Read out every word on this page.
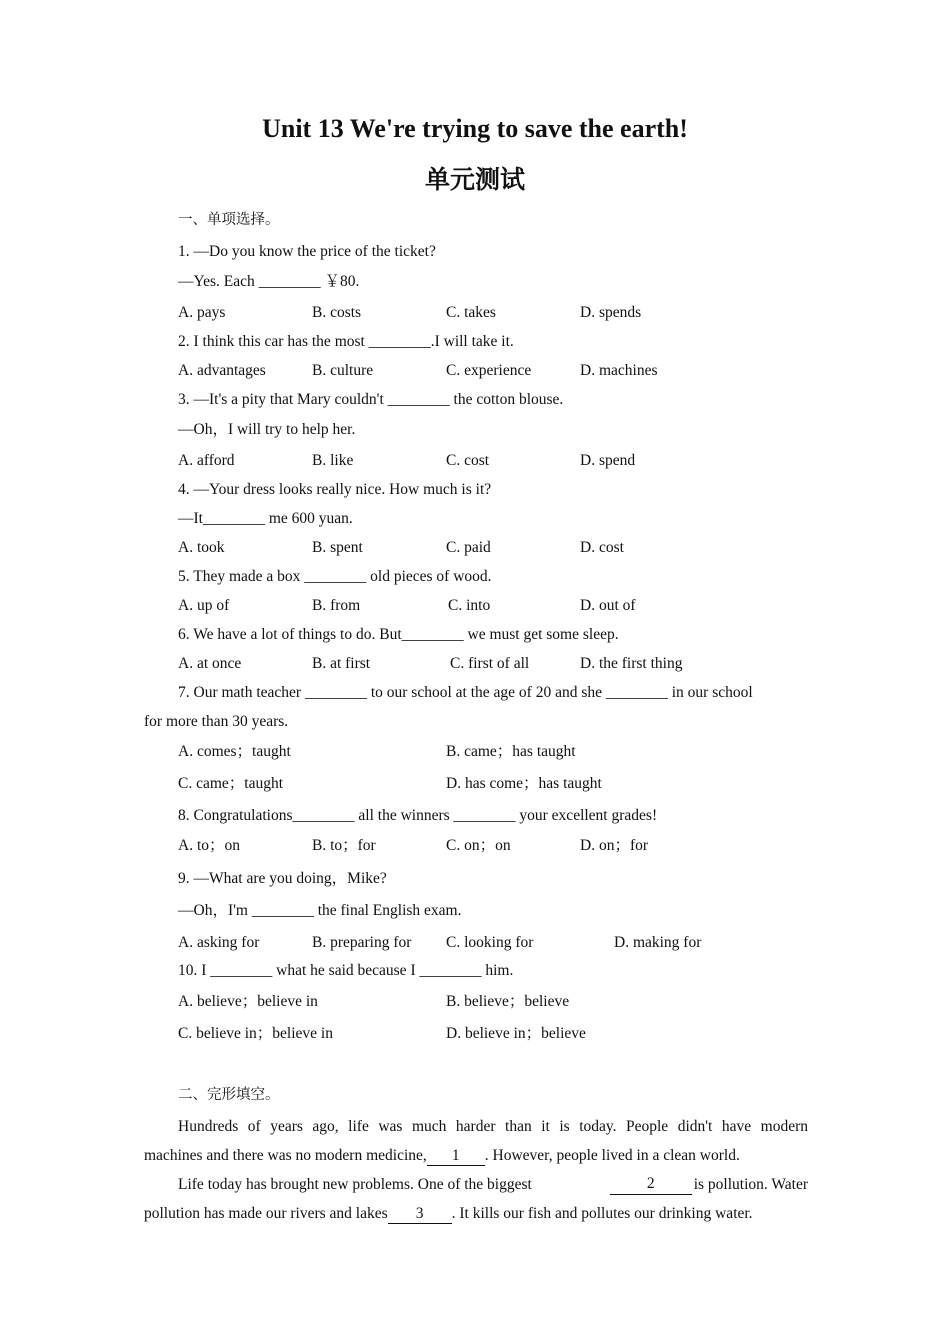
Unit 13 We're trying to save the earth!
单元测试
一、单项选择。
1. —Do you know the price of the ticket?
—Yes. Each ________ ￥80.
A. pays	B. costs	C. takes	D. spends
2. I think this car has the most ________.I will take it.
A. advantages	B. culture	C. experience	D. machines
3. —It's a pity that Mary couldn't ________ the cotton blouse.
—Oh，I will try to help her.
A. afford	B. like	C. cost	D. spend
4. —Your dress looks really nice. How much is it?
—It________ me 600 yuan.
A. took	B. spent	C. paid	D. cost
5. They made a box ________ old pieces of wood.
A. up of	B. from	C. into	D. out of
6. We have a lot of things to do. But________ we must get some sleep.
A. at once	B. at first	C. first of all	D. the first thing
7. Our math teacher ________ to our school at the age of 20 and she ________ in our school
for more than 30 years.
A. comes；taught	B. came；has taught
C. came；taught	D. has come；has taught
8. Congratulations________ all the winners ________ your excellent grades!
A. to；on	B. to；for	C. on；on	D. on；for
9. —What are you doing，Mike?
—Oh，I'm ________ the final English exam.
A. asking for	B. preparing for C. looking for	D. making for
10. I ________ what he said because I ________ him.
A. believe；believe in	B. believe；believe
C. believe in；believe in	D. believe in；believe
二、完形填空。
Hundreds of years ago, life was much harder than it is today. People didn't have modern
machines and there was no modern medicine, 1 . However, people lived in a clean world.
Life today has brought new problems. One of the biggest	2	is pollution. Water
pollution has made our rivers and lakes 3 . It kills our fish and pollutes our drinking water.
